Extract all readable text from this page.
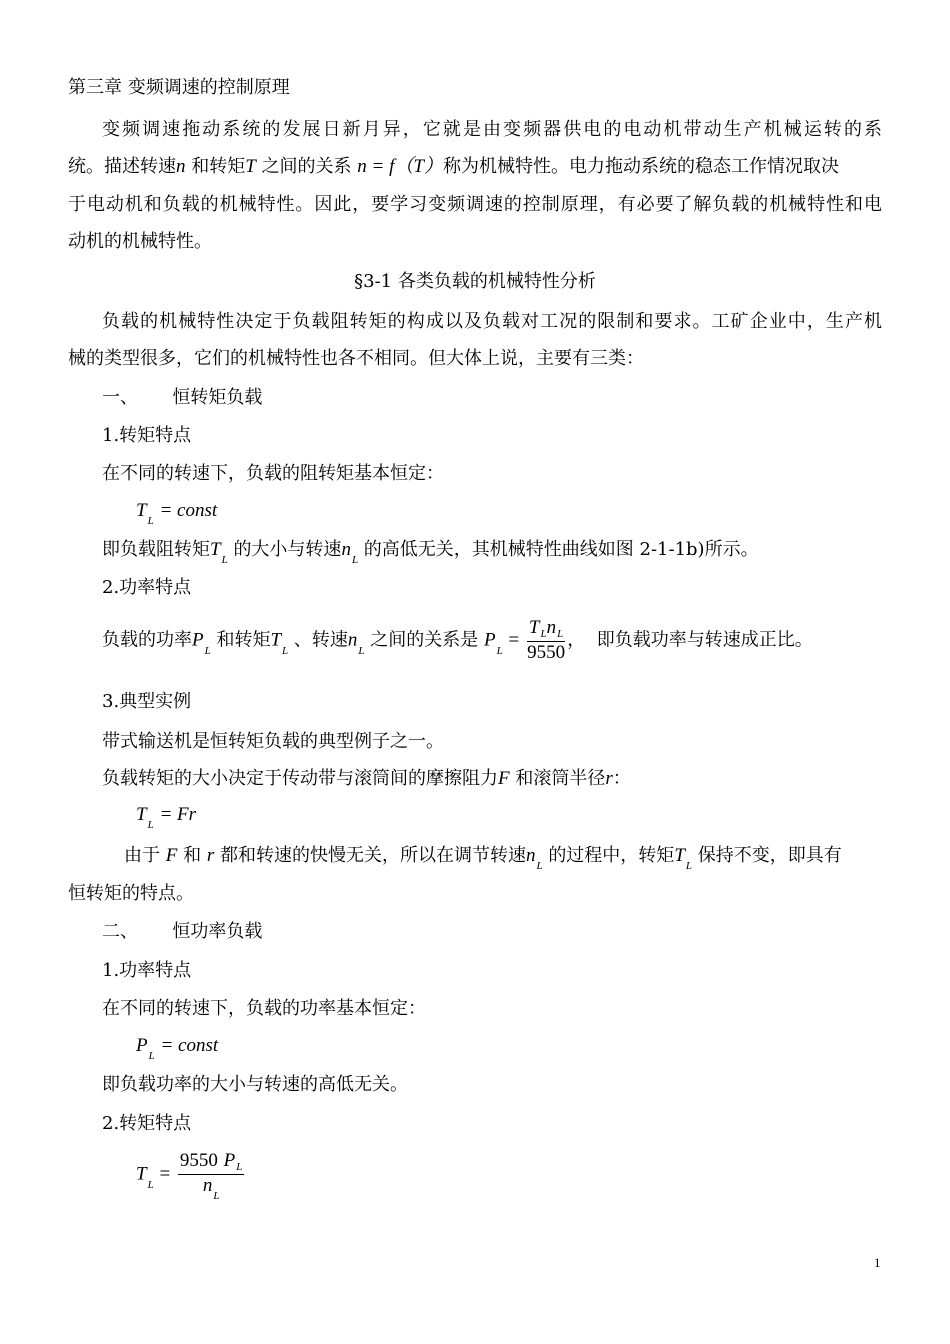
第三章 变频调速的控制原理
变频调速拖动系统的发展日新月异，它就是由变频器供电的电动机带动生产机械运转的系
统。描述转速n 和转矩T 之间的关系 n = f（T）称为机械特性。电力拖动系统的稳态工作情况取决
于电动机和负载的机械特性。因此，要学习变频调速的控制原理，有必要了解负载的机械特性和电
动机的机械特性。
§3-1 各类负载的机械特性分析
负载的机械特性决定于负载阻转矩的构成以及负载对工况的限制和要求。工矿企业中，生产机
械的类型很多，它们的机械特性也各不相同。但大体上说，主要有三类：
一、      恒转矩负载
1.转矩特点
在不同的转速下，负载的阻转矩基本恒定：
$T_L$ = const
即负载阻转矩$T_L$ 的大小与转速$n_L$ 的高低无关，其机械特性曲线如图 2-1-1b)所示。
2.功率特点
负载的功率$P_L$ 和转矩$T_L$ 、转速$n_L$ 之间的关系是 $P_L = \frac{T_Ln_L}{9550}$ ，  即负载功率与转速成正比。
3.典型实例
带式输送机是恒转矩负载的典型例子之一。
负载转矩的大小决定于传动带与滚筒间的摩擦阻力F 和滚筒半径r：
$T_L = Fr$
由于 F 和 r 都和转速的快慢无关，所以在调节转速$n_L$ 的过程中，转矩$T_L$ 保持不变，即具有
恒转矩的特点。
二、      恒功率负载
1.功率特点
在不同的转速下，负载的功率基本恒定：
$P_L$ = const
即负载功率的大小与转速的高低无关。
2.转矩特点
$T_L = \frac{9550 P_L}{n_L}$
1
